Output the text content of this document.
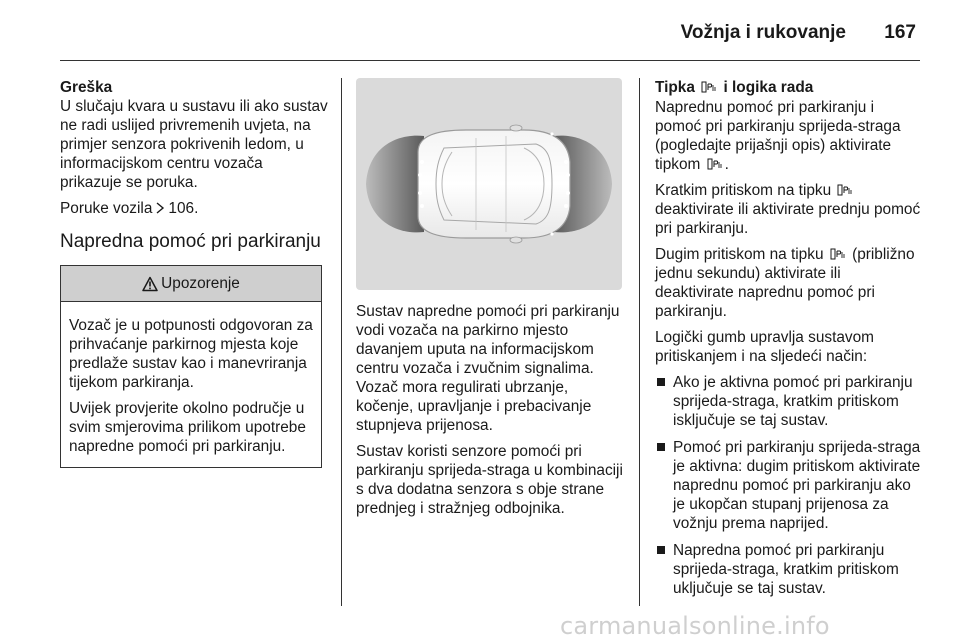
Vožnja i rukovanje	167
Greška

U slučaju kvara u sustavu ili ako sustav ne radi uslijed privremenih uvjeta, na primjer senzora pokrivenih ledom, u informacijskom centru vozača prikazuje se poruka.

Poruke vozila 106.

Napredna pomoć pri parkiranju
Upozorenje

Vozač je u potpunosti odgovoran za prihvaćanje parkirnog mjesta koje predlaže sustav kao i manevriranja tijekom parkiranja.

Uvijek provjerite okolno područje u svim smjerovima prilikom upotrebe napredne pomoći pri parkiranju.

Sustav napredne pomoći pri parkiranju vodi vozača na parkirno mjesto davanjem uputa na informacijskom centru vozača i zvučnim signalima. Vozač mora regulirati ubrzanje, kočenje, upravljanje i prebacivanje stupnjeva prijenosa.

Sustav koristi senzore pomoći pri parkiranju sprijeda-straga u kombinaciji s dva dodatna senzora s obje strane prednjeg i stražnjeg odbojnika.

Tipka i logika rada

Naprednu pomoć pri parkiranju i pomoć pri parkiranju sprijeda-straga (pogledajte prijašnji opis) aktivirate tipkom .

Kratkim pritiskom na tipku  deaktivirate ili aktivirate prednju pomoć pri parkiranju.

Dugim pritiskom na tipku (približno jednu sekundu) aktivirate ili deaktivirate naprednu pomoć pri parkiranju.

Logički gumb upravlja sustavom pritiskanjem i na sljedeći način:

Ako je aktivna pomoć pri parkiranju sprijeda-straga, kratkim pritiskom isključuje se taj sustav.
Pomoć pri parkiranju sprijeda-straga je aktivna: dugim pritiskom aktivirate naprednu pomoć pri parkiranju ako je ukopčan stupanj prijenosa za vožnju prema naprijed.
Napredna pomoć pri parkiranju sprijeda-straga, kratkim pritiskom uključuje se taj sustav.
carmanualsonline.info
